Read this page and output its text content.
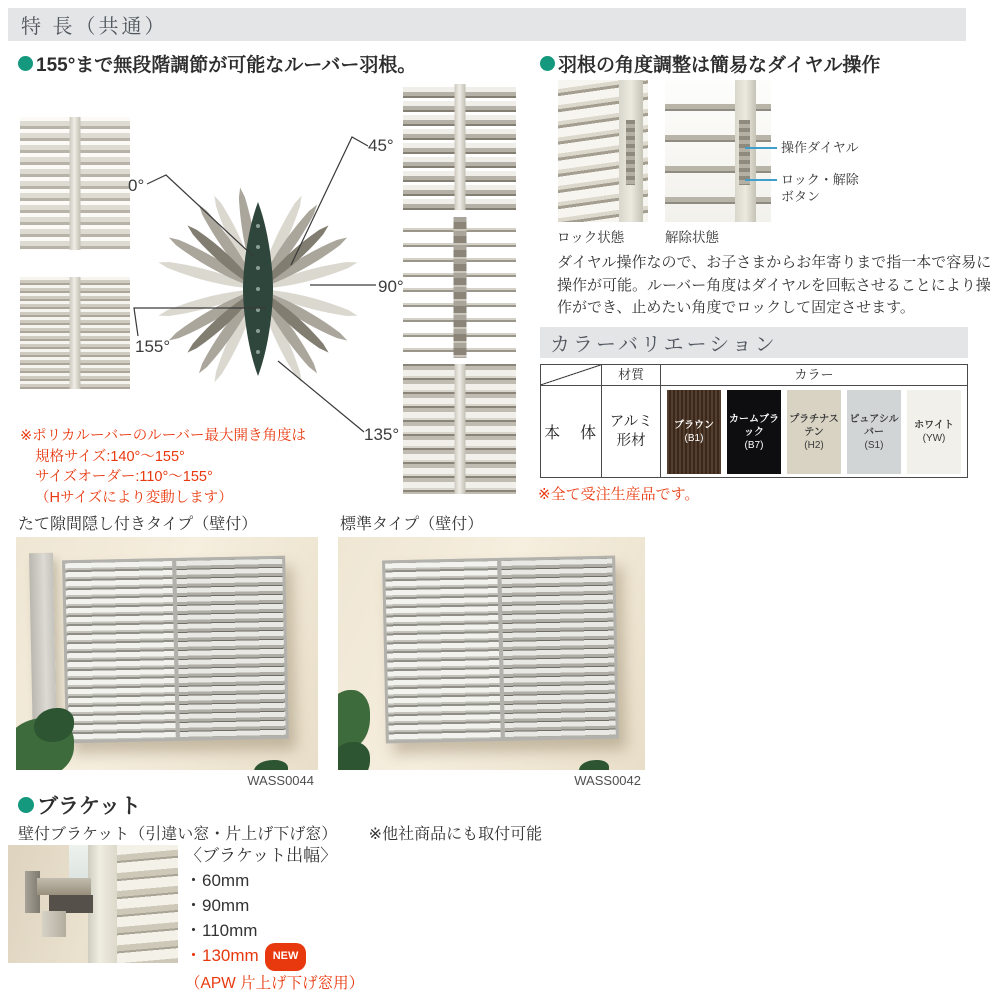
特 長（共通）
155°まで無段階調節が可能なルーバー羽根。
0°
45°
90°
135°
155°
※ポリカルーバーのルーバー最大開き角度は
規格サイズ:140°～155°
サイズオーダー:110°～155°
（Hサイズにより変動します）
羽根の角度調整は簡易なダイヤル操作
ロック状態	解除状態
操作ダイヤル
ロック・解除
ボタン
ダイヤル操作なので、お子さまからお年寄りまで指一本で容易に操作が可能。ルーバー角度はダイヤルを回転させることにより操作ができ、止めたい角度でロックして固定させます。
カラーバリエーション
本　体
材質
アルミ
形材
カラー
ブラウン
(B1)
カームブラック
(B7)
プラチナステン
(H2)
ピュアシルバー
(S1)
ホワイト
(YW)
※全て受注生産品です。
たて隙間隠し付きタイプ（壁付）
WASS0044
標準タイプ（壁付）
WASS0042
ブラケット
壁付ブラケット（引違い窓・片上げ下げ窓） ※他社商品にも取付可能
〈ブラケット出幅〉
・60mm
・90mm
・110mm
・130mm NEW
（APW 片上げ下げ窓用）
